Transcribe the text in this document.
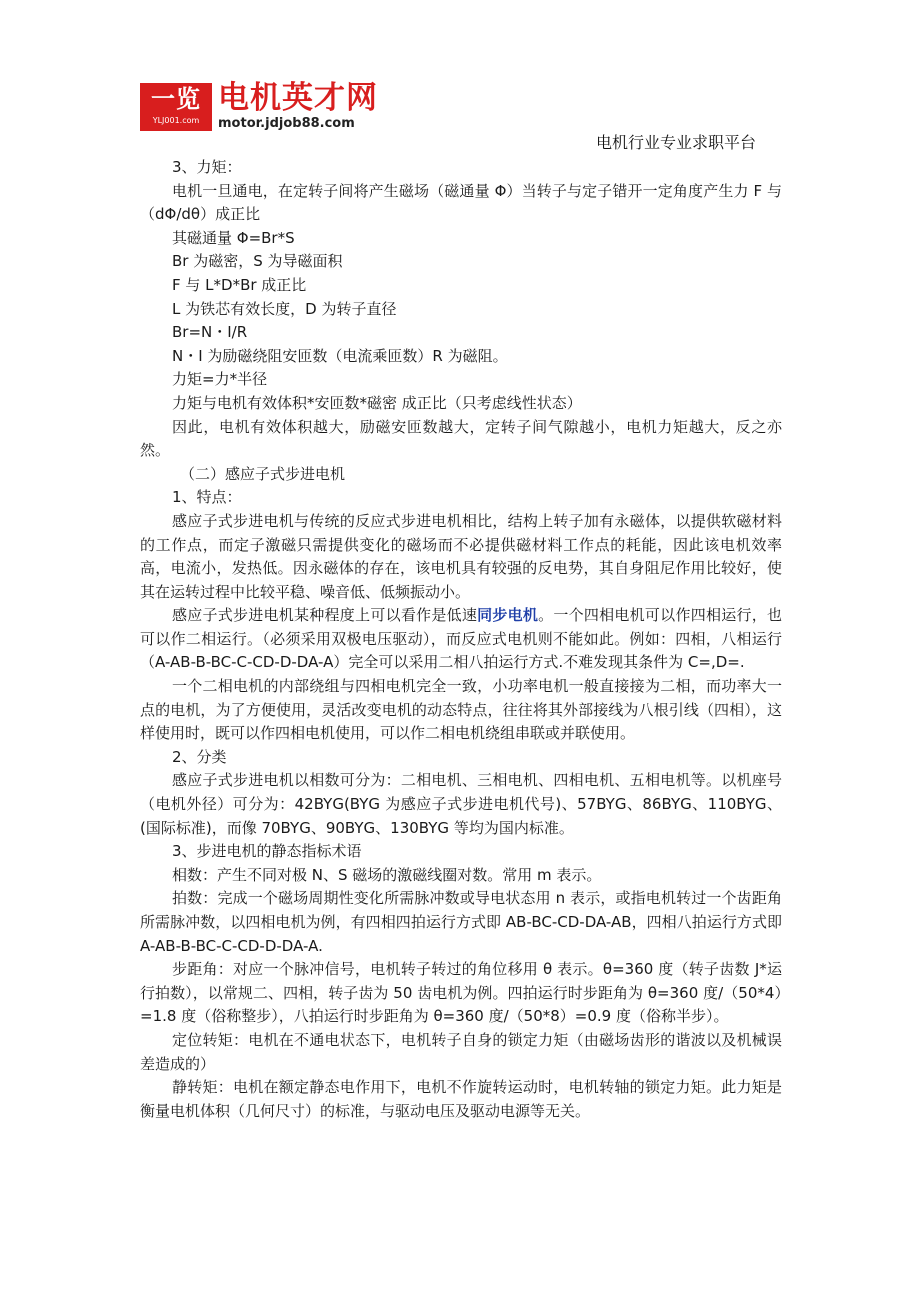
一览
YLJ001.com
电机英才网
motor.jdjob88.com
电机行业专业求职平台

3、力矩：

电机一旦通电，在定转子间将产生磁场（磁通量 Φ）当转子与定子错开一定角度产生力 F 与（dΦ/dθ）成正比

其磁通量 Φ=Br*S

Br 为磁密，S 为导磁面积

F 与 L*D*Br 成正比

L 为铁芯有效长度，D 为转子直径

Br=N・I/R

N・I 为励磁绕阻安匝数（电流乘匝数）R 为磁阻。

力矩=力*半径

力矩与电机有效体积*安匝数*磁密 成正比（只考虑线性状态）

因此，电机有效体积越大，励磁安匝数越大，定转子间气隙越小，电机力矩越大，反之亦然。

（二）感应子式步进电机

1、特点：

感应子式步进电机与传统的反应式步进电机相比，结构上转子加有永磁体，以提供软磁材料的工作点，而定子激磁只需提供变化的磁场而不必提供磁材料工作点的耗能，因此该电机效率高，电流小，发热低。因永磁体的存在，该电机具有较强的反电势，其自身阻尼作用比较好，使其在运转过程中比较平稳、噪音低、低频振动小。

感应子式步进电机某种程度上可以看作是低速同步电机。一个四相电机可以作四相运行，也可以作二相运行。（必须采用双极电压驱动），而反应式电机则不能如此。例如：四相，八相运行（A-AB-B-BC-C-CD-D-DA-A）完全可以采用二相八拍运行方式.不难发现其条件为 C=,D=.

一个二相电机的内部绕组与四相电机完全一致，小功率电机一般直接接为二相，而功率大一点的电机，为了方便使用，灵活改变电机的动态特点，往往将其外部接线为八根引线（四相），这样使用时，既可以作四相电机使用，可以作二相电机绕组串联或并联使用。

2、分类

感应子式步进电机以相数可分为：二相电机、三相电机、四相电机、五相电机等。以机座号（电机外径）可分为：42BYG(BYG 为感应子式步进电机代号)、57BYG、86BYG、110BYG、(国际标准)，而像 70BYG、90BYG、130BYG 等均为国内标准。

3、步进电机的静态指标术语

相数：产生不同对极 N、S 磁场的激磁线圈对数。常用 m 表示。

拍数：完成一个磁场周期性变化所需脉冲数或导电状态用 n 表示，或指电机转过一个齿距角所需脉冲数，以四相电机为例，有四相四拍运行方式即 AB-BC-CD-DA-AB，四相八拍运行方式即 A-AB-B-BC-C-CD-D-DA-A.

步距角：对应一个脉冲信号，电机转子转过的角位移用 θ 表示。θ=360 度（转子齿数 J*运行拍数），以常规二、四相，转子齿为 50 齿电机为例。四拍运行时步距角为 θ=360 度/（50*4）=1.8 度（俗称整步），八拍运行时步距角为 θ=360 度/（50*8）=0.9 度（俗称半步）。

定位转矩：电机在不通电状态下，电机转子自身的锁定力矩（由磁场齿形的谐波以及机械误差造成的）

静转矩：电机在额定静态电作用下，电机不作旋转运动时，电机转轴的锁定力矩。此力矩是衡量电机体积（几何尺寸）的标准，与驱动电压及驱动电源等无关。
